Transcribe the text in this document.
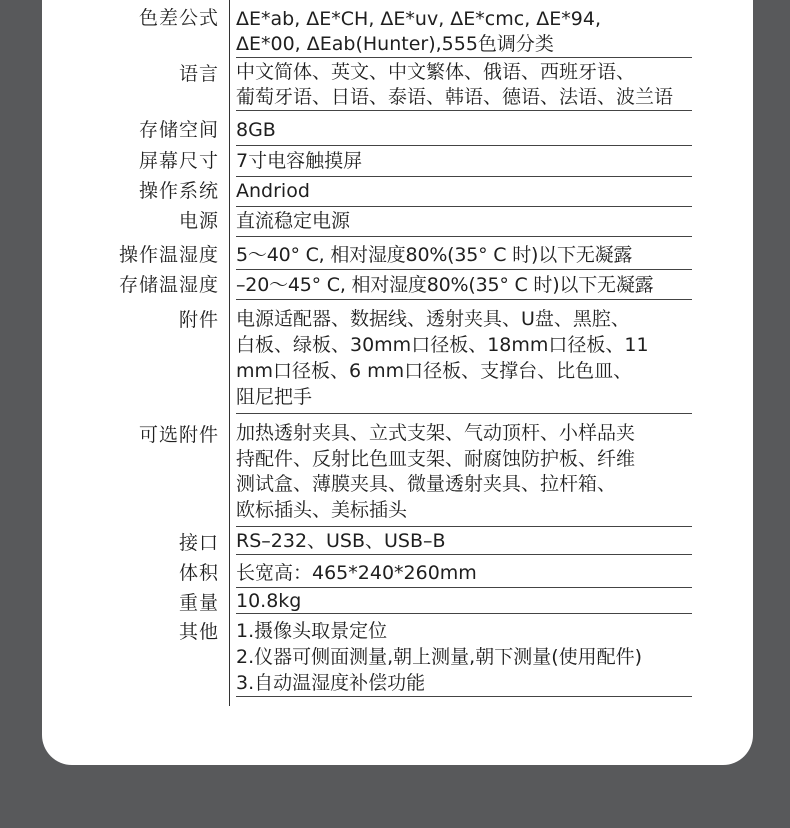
色差公式 ΔE*ab, ΔE*CH, ΔE*uv, ΔE*cmc, ΔE*94,
ΔE*00, ΔEab(Hunter),555色调分类
语言 中文简体、英文、中文繁体、俄语、西班牙语、
葡萄牙语、日语、泰语、韩语、德语、法语、波兰语
存储空间 8GB
屏幕尺寸 7寸电容触摸屏
操作系统 Andriod
电源 直流稳定电源
操作温湿度 5～40° C, 相对湿度80%(35° C 时)以下无凝露
存储温湿度 –20～45° C, 相对湿度80%(35° C 时)以下无凝露
附件 电源适配器、数据线、透射夹具、U盘、黑腔、
白板、绿板、30mm口径板、18mm口径板、11
mm口径板、6 mm口径板、支撑台、比色皿、
阻尼把手
可选附件 加热透射夹具、立式支架、气动顶杆、小样品夹
持配件、反射比色皿支架、耐腐蚀防护板、纤维
测试盒、薄膜夹具、微量透射夹具、拉杆箱、
欧标插头、美标插头
接口 RS–232、USB、USB–B
体积 长宽高：465*240*260mm
重量 10.8kg
其他 1.摄像头取景定位
2.仪器可侧面测量,朝上测量,朝下测量(使用配件)
3.自动温湿度补偿功能
